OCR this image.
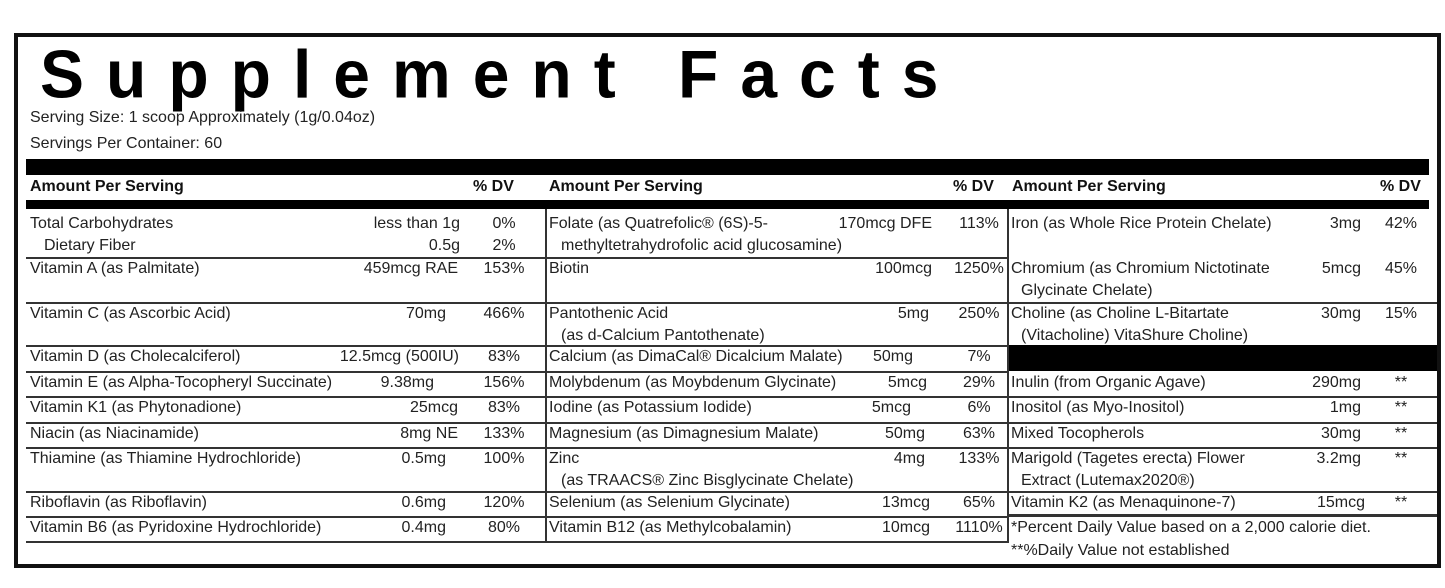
Supplement Facts
Serving Size: 1 scoop Approximately (1g/0.04oz)
Servings Per Container: 60
Amount Per Serving	% DV Amount Per Serving	% DV Amount Per Serving	% DV
Total Carbohydrates	less than 1g	0%
Dietary Fiber	0.5g	2%
Vitamin A (as Palmitate)	459mcg RAE	153%
Vitamin C (as Ascorbic Acid)	70mg	466%
Vitamin D (as Cholecalciferol)	12.5mcg (500IU)	83%
Vitamin E (as Alpha-Tocopheryl Succinate)	9.38mg	156%
Vitamin K1 (as Phytonadione)	25mcg	83%
Niacin (as Niacinamide)	8mg NE	133%
Thiamine (as Thiamine Hydrochloride)	0.5mg	100%
Riboflavin (as Riboflavin)	0.6mg	120%
Vitamin B6 (as Pyridoxine Hydrochloride)	0.4mg	80%
Folate (as Quatrefolic® (6S)-5-	170mcg DFE	113%
methyltetrahydrofolic acid glucosamine)
Biotin	100mcg	1250%
Pantothenic Acid	5mg	250%
(as d-Calcium Pantothenate)
Calcium (as DimaCal® Dicalcium Malate) 50mg	7%
Molybdenum (as Moybdenum Glycinate)	5mcg	29%
Iodine (as Potassium Iodide)	5mcg	6%
Magnesium (as Dimagnesium Malate)	50mg	63%
Zinc	4mg	133%
(as TRAACS® Zinc Bisglycinate Chelate)
Selenium (as Selenium Glycinate)	13mcg	65%
Vitamin B12 (as Methylcobalamin)	10mcg	1110%
Iron (as Whole Rice Protein Chelate)	3mg	42%
Chromium (as Chromium Nictotinate	5mcg	45%
Glycinate Chelate)
Choline (as Choline L-Bitartate	30mg	15%
(Vitacholine) VitaShure Choline)
Inulin (from Organic Agave)	290mg	**
Inositol (as Myo-Inositol)	1mg	**
Mixed Tocopherols	30mg	**
Marigold (Tagetes erecta) Flower	3.2mg	**
Extract (Lutemax2020®)
Vitamin K2 (as Menaquinone-7)	15mcg	**
*Percent Daily Value based on a 2,000 calorie diet.
**%Daily Value not established
